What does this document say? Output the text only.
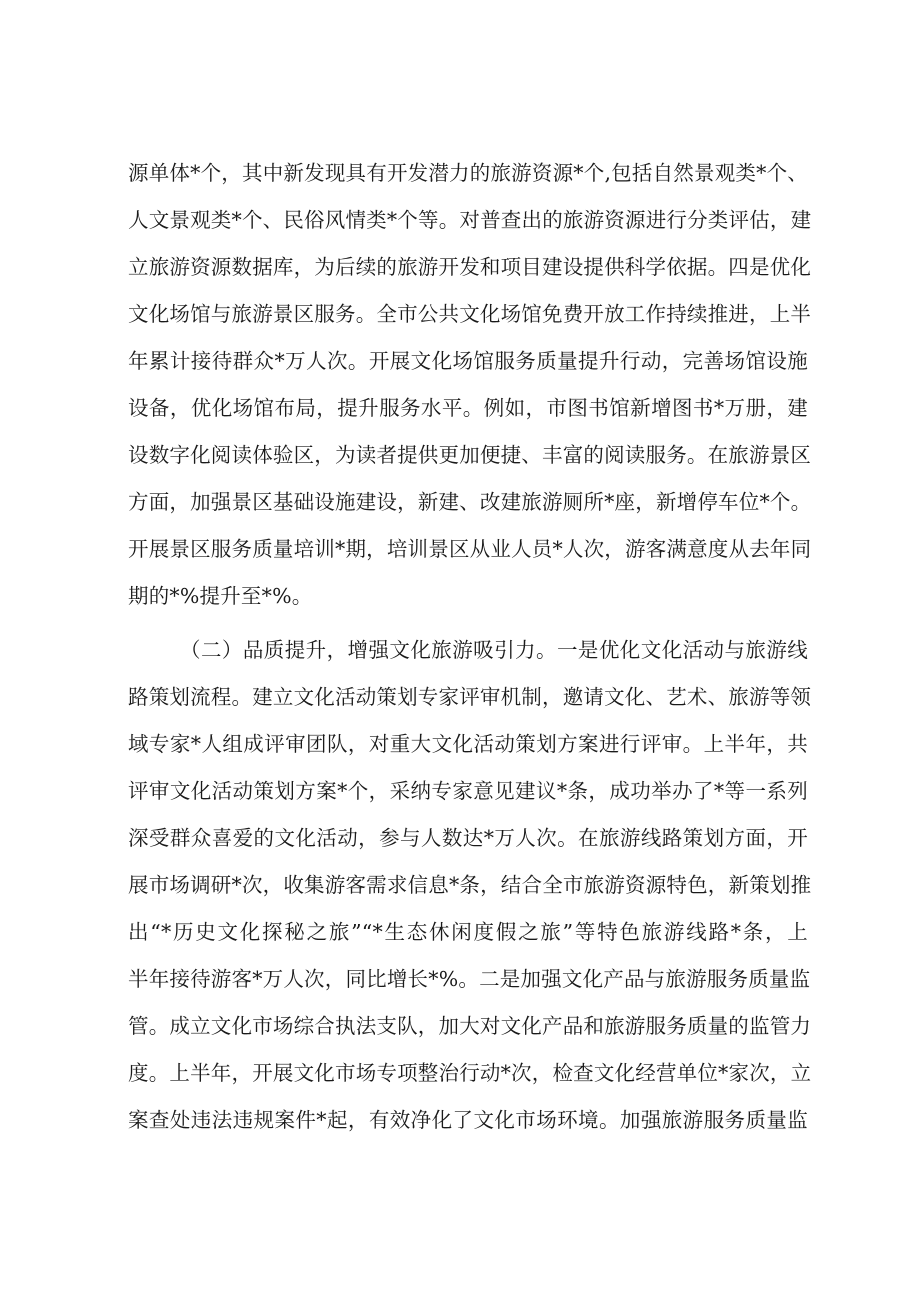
源单体*个，其中新发现具有开发潜力的旅游资源*个,包括自然景观类*个、
人文景观类*个、民俗风情类*个等。对普查出的旅游资源进行分类评估，建
立旅游资源数据库，为后续的旅游开发和项目建设提供科学依据。四是优化
文化场馆与旅游景区服务。全市公共文化场馆免费开放工作持续推进，上半
年累计接待群众*万人次。开展文化场馆服务质量提升行动，完善场馆设施
设备，优化场馆布局，提升服务水平。例如，市图书馆新增图书*万册，建
设数字化阅读体验区，为读者提供更加便捷、丰富的阅读服务。在旅游景区
方面，加强景区基础设施建设，新建、改建旅游厕所*座，新增停车位*个。
开展景区服务质量培训*期，培训景区从业人员*人次，游客满意度从去年同
期的*%提升至*%。
（二）品质提升，增强文化旅游吸引力。一是优化文化活动与旅游线
路策划流程。建立文化活动策划专家评审机制，邀请文化、艺术、旅游等领
域专家*人组成评审团队，对重大文化活动策划方案进行评审。上半年，共
评审文化活动策划方案*个，采纳专家意见建议*条，成功举办了*等一系列
深受群众喜爱的文化活动，参与人数达*万人次。在旅游线路策划方面，开
展市场调研*次，收集游客需求信息*条，结合全市旅游资源特色，新策划推
出“*历史文化探秘之旅”“*生态休闲度假之旅”等特色旅游线路*条，上
半年接待游客*万人次，同比增长*%。二是加强文化产品与旅游服务质量监
管。成立文化市场综合执法支队，加大对文化产品和旅游服务质量的监管力
度。上半年，开展文化市场专项整治行动*次，检查文化经营单位*家次，立
案查处违法违规案件*起，有效净化了文化市场环境。加强旅游服务质量监
